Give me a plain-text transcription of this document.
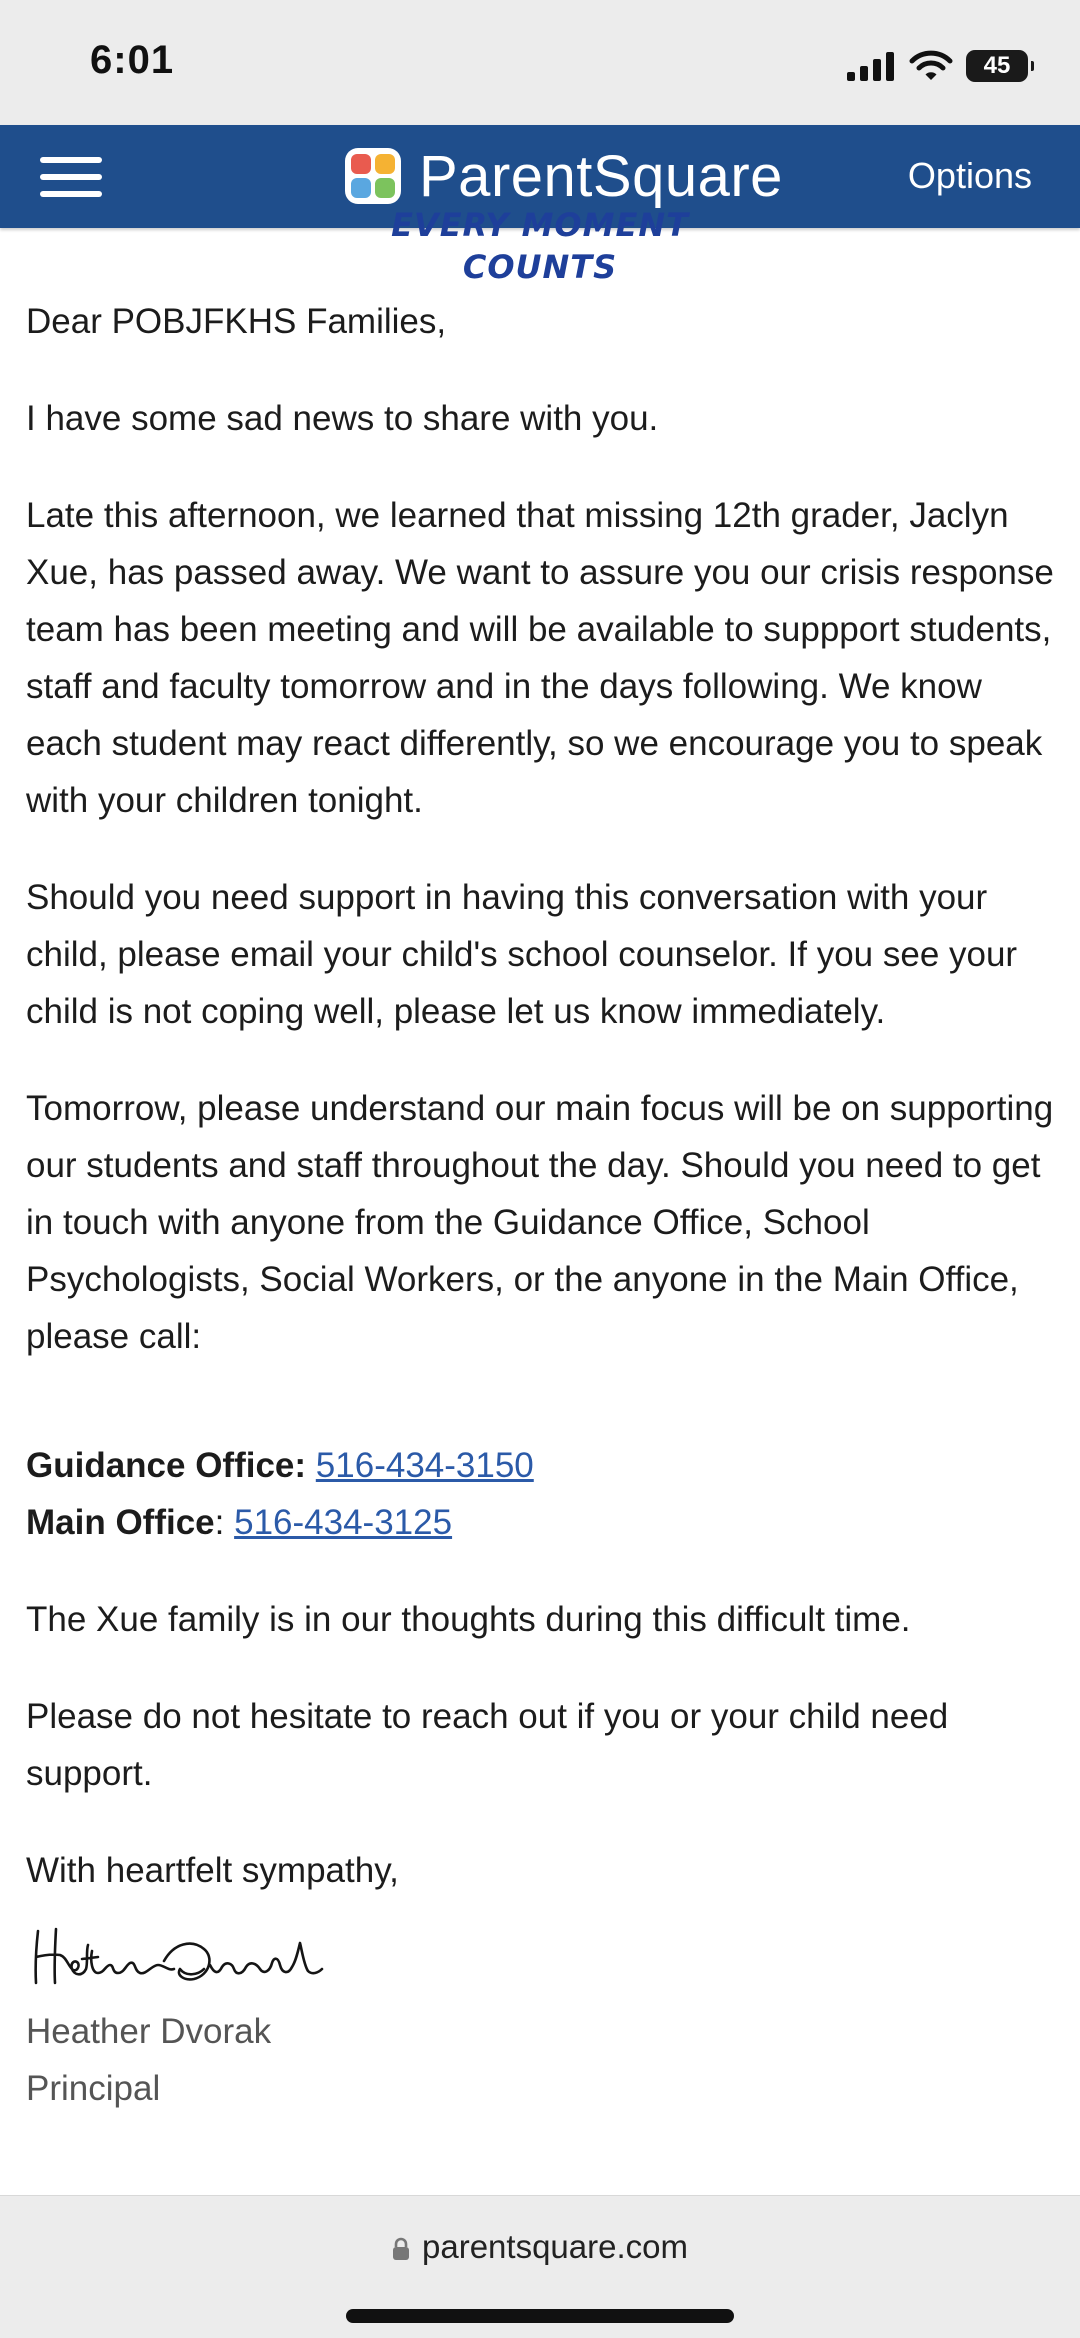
6:01	45
ParentSquare	Options
EVERY MOMENT
COUNTS

Dear POBJFKHS Families,

I have some sad news to share with you.

Late this afternoon, we learned that missing 12th grader, Jaclyn Xue, has passed away. We want to assure you our crisis response team has been meeting and will be available to suppport students, staff and faculty tomorrow and in the days following. We know each student may react differently, so we encourage you to speak with your children tonight.

Should you need support in having this conversation with your child, please email your child's school counselor. If you see your child is not coping well, please let us know immediately.

Tomorrow, please understand our main focus will be on supporting our students and staff throughout the day. Should you need to get in touch with anyone from the Guidance Office, School Psychologists, Social Workers, or the anyone in the Main Office, please call:

Guidance Office: 516-434-3150
Main Office: 516-434-3125

The Xue family is in our thoughts during this difficult time.

Please do not hesitate to reach out if you or your child need support.

With heartfelt sympathy,

Heather Dvorak
Principal
parentsquare.com
